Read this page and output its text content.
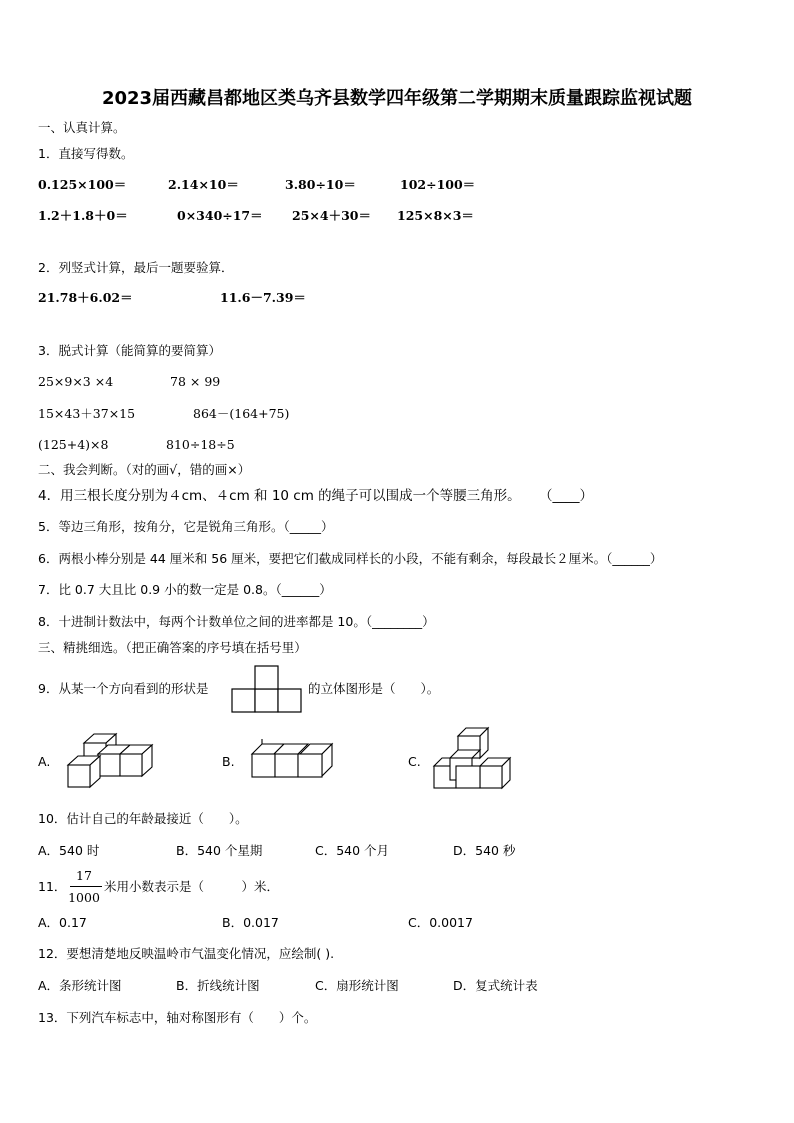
2023届西藏昌都地区类乌齐县数学四年级第二学期期末质量跟踪监视试题
一、认真计算。
1．直接写得数。
0.125×100＝	2.14×10＝	3.80÷10＝	102÷100＝
1.2＋1.8＋0＝	0×340÷17＝ 25×4＋30＝ 125×8×3＝
2．列竖式计算，最后一题要验算．
21.78＋6.02＝	11.6－7.39＝
3．脱式计算（能简算的要简算）
25×9×3 ×4	78 × 99
15×43＋37×15	864－(164+75)
(125+4)×8	810÷18÷5
二、我会判断。（对的画√，错的画×）
4．用三根长度分别为４cm、４cm 和 10 cm 的绳子可以围成一个等腰三角形。 （____）
5．等边三角形，按角分，它是锐角三角形。（_____）
6．两根小棒分别是 44 厘米和 56 厘米，要把它们截成同样长的小段，不能有剩余，每段最长２厘米。（______）
7．比 0.7 大且比 0.9 小的数一定是 0.8。（______）
8．十进制计数法中，每两个计数单位之间的进率都是 10。（________）
三、精挑细选。（把正确答案的序号填在括号里）
9．从某一个方向看到的形状是	的立体图形是（　　）。
A.	B.	C.
10．估计自己的年龄最接近（　　）。
A．540 时	B．540 个星期	C．540 个月	D．540 秒
11．
17
1000
米用小数表示是（　　　）米．
A．0.17	B．0.017	C．0.0017
12．要想清楚地反映温岭市气温变化情况，应绘制( ).
A．条形统计图	B．折线统计图	C．扇形统计图	D．复式统计表
13．下列汽车标志中，轴对称图形有（　　）个。
